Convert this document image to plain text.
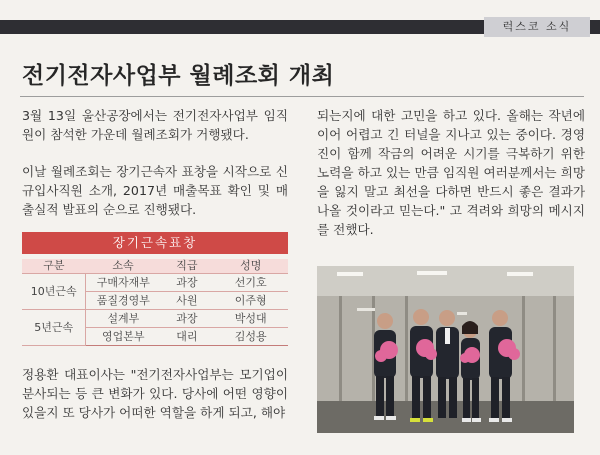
럭스코 소식
전기전자사업부 월례조회 개최

3월 13일 울산공장에서는 전기전자사업부 임직원이 참석한 가운데 월례조회가 거행됐다.

이날 월례조회는 장기근속자 표창을 시작으로 신규입사직원 소개, 2017년 매출목표 확인 및 매출실적 발표의 순으로 진행됐다.

장기근속표창
구분	소속	직급	성명
10년근속	구매자재부	과장	선기호
	품질경영부	사원	이주형
5년근속	설계부	과장	박성대
	영업본부	대리	김성용

정용환 대표이사는 "전기전자사업부는 모기업이 분사되는 등 큰 변화가 있다. 당사에 어떤 영향이 있을지 또 당사가 어떠한 역할을 하게 되고, 해야

되는지에 대한 고민을 하고 있다. 올해는 작년에 이어 어렵고 긴 터널을 지나고 있는 중이다. 경영진이 함께 작금의 어려운 시기를 극복하기 위한 노력을 하고 있는 만큼 임직원 여러분께서는 희망을 잃지 말고 최선을 다하면 반드시 좋은 결과가 나올 것이라고 믿는다." 고 격려와 희망의 메시지를 전했다.
